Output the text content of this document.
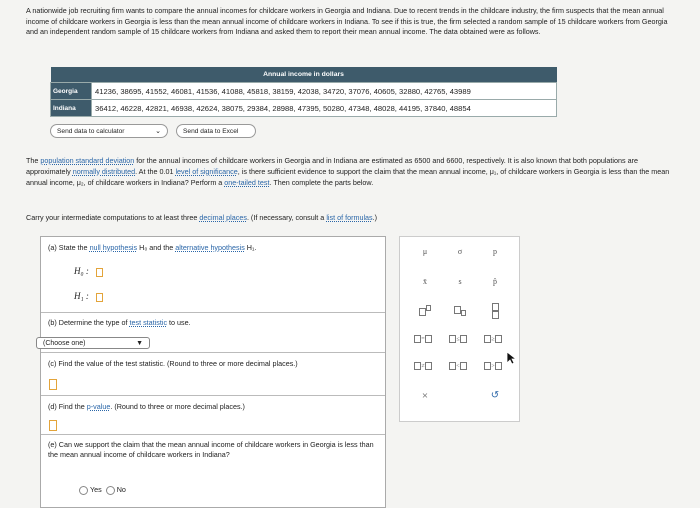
A nationwide job recruiting firm wants to compare the annual incomes for childcare workers in Georgia and Indiana. Due to recent trends in the childcare industry, the firm suspects that the mean annual income of childcare workers in Georgia is less than the mean annual income of childcare workers in Indiana. To see if this is true, the firm selected a random sample of 15 childcare workers from Georgia and an independent random sample of 15 childcare workers from Indiana and asked them to report their mean annual income. The data obtained were as follows.
Annual income in dollars	
Georgia	41236, 38695, 41552, 46081, 41536, 41088, 45818, 38159, 42038, 34720, 37076, 40605, 32880, 42765, 43989
Indiana	36412, 46228, 42821, 46938, 42624, 38075, 29384, 28988, 47395, 50280, 47348, 48028, 44195, 37840, 48854
Send data to calculator	⌄	Send data to Excel
The population standard deviation for the annual incomes of childcare workers in Georgia and in Indiana are estimated as 6500 and 6600, respectively. It is also known that both populations are approximately normally distributed. At the 0.01 level of significance, is there sufficient evidence to support the claim that the mean annual income, μ₁, of childcare workers in Georgia is less than the mean annual income, μ₂, of childcare workers in Indiana? Perform a one-tailed test. Then complete the parts below.
Carry your intermediate computations to at least three decimal places. (If necessary, consult a list of formulas.)
(a) State the null hypothesis H₀ and the alternative hypothesis H₁.
H₀ :
H₁ :
(b) Determine the type of test statistic to use.
(c) Find the value of the test statistic. (Round to three or more decimal places.)
(d) Find the p-value. (Round to three or more decimal places.)
(e) Can we support the claim that the mean annual income of childcare workers in Georgia is less than the mean annual income of childcare workers in Indiana?
Yes No
(Choose one)	▼
μ	σ	p
x̄	s	p̂

=	≤	≥
≠	<	>
×	↺
